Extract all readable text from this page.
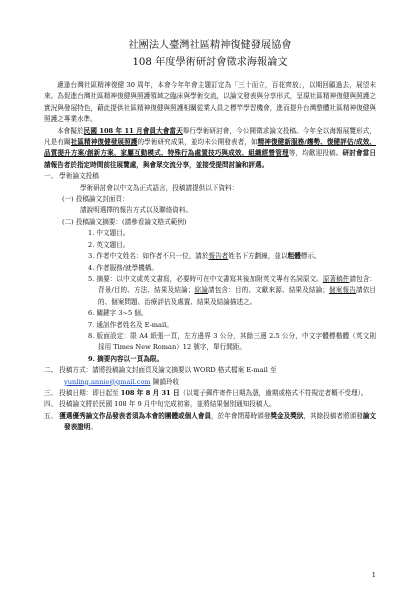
社團法人臺灣社區精神復健發展協會

108 年度學術研討會徵求海報論文

適逢台灣社區精神復健 30 周年，本會今年年會主題訂定為「三十而立，百花齊放」，以期回顧過去，展望未來。為促進台灣社區精神復健與照護領域之臨床與學術交流，以論文發表與分享形式，呈現社區精神復健與照護之實況與發展特色，藉此提供社區精神復健與照護相關從業人員之標竿學習機會，進而提升台灣整體社區精神復健與照護之專業水準。

本會擬於民國 108 年 11 月會員大會當天舉行學術研討會，今公開徵求論文投稿。今年全以海報展覽形式，凡是有關社區精神復健發展照護的學術研究成果，並均未公開發表者，如精神復健新服務/趨勢、復健評估/成效、品質提升方案/創新方案、家屬互動模式、特殊行為處置技巧與成效、組織經營管理等，均歡迎投稿。研討會當日請報告者於指定時間前往展覽處，與會眾交流分享，並接受提問討論和評選。

一、 學術論文投稿

學術研討會以中文為正式語言，投稿請提供以下資料：

(一) 投稿論文封面頁：

請說明選擇的報告方式以及聯絡資料。

(二) 投稿論文摘要：(請參看論文格式範例)

1. 中文題目。

2. 英文題目。

3. 作者中文姓名：如作者不只一位，請於報告者姓名下方劃線，並以粗體標示。

4. 作者服務/就學機構。

5. 摘要：以中文或英文書寫，必要時可在中文書寫其後加附英文專有名詞原文。原著稿件請包含：背景/目的、方法、結果及結論；綜論請包含：目的、文獻來源、結果及結論；個案報告請依目的、個案問題、治療評估及處置、結果及結論描述之。

6. 關鍵字 3~5 個。

7. 通訊作者姓名及 E-mail。

8. 版面設定：限 A4 紙張一頁，左方邊界 3 公分，其餘三邊 2.5 公分，中文字體標楷體（英文則採用 Times New Roman）12 號字，單行間距。

9. 摘要內容以一頁為限。

二、 投稿方式：請將投稿論文封面頁及論文摘要以 WORD 格式檔案 E-mail 至

yunling.annie@gmail.com 陳韻玲收

三、 投稿日期：即日起至 108 年 8 月 31 日（以電子郵件寄件日期為憑，逾期或格式不符規定者概不受理）。

四、 投稿論文將於民國 108 年 9 月中旬完成初審，並將結果個別通知投稿人。

五、 獲選優秀論文作品發表者須為本會的團體或個人會員，於年會閉幕時頒發獎金及獎狀，其餘投稿者將頒發論文發表證明。

1
